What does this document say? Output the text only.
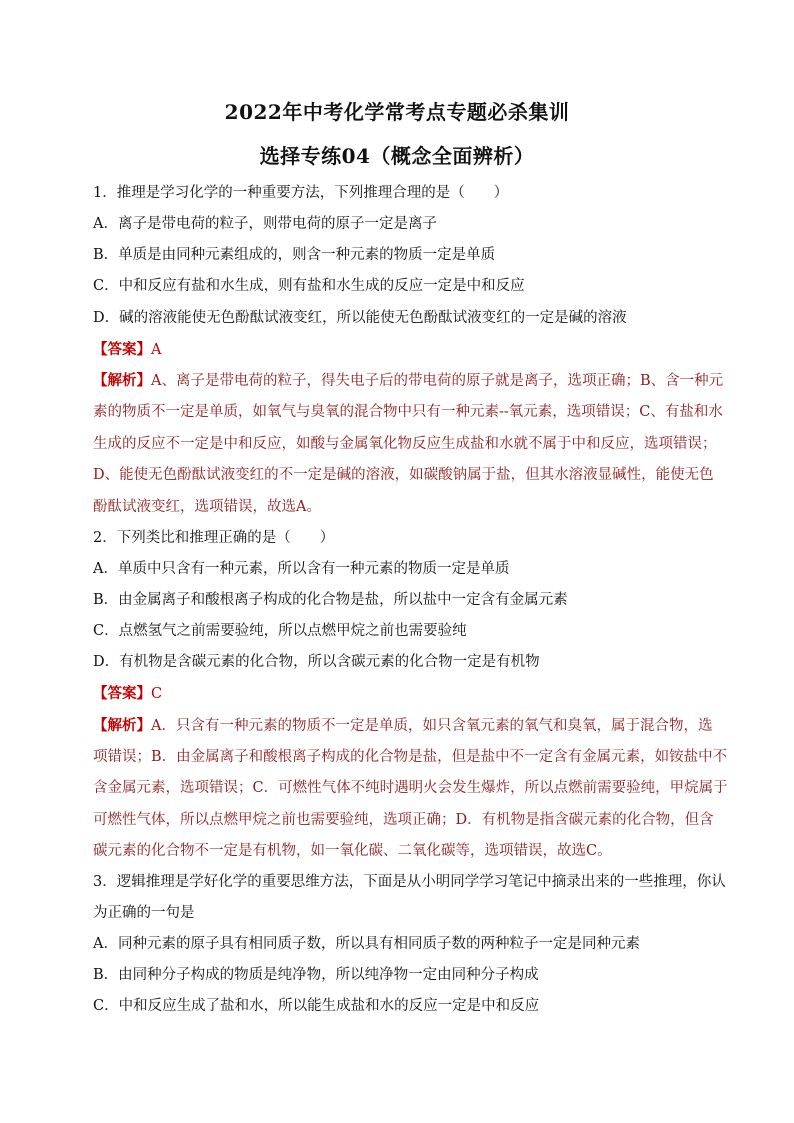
2022年中考化学常考点专题必杀集训
选择专练04（概念全面辨析）
1．推理是学习化学的一种重要方法，下列推理合理的是（　　）
A．离子是带电荷的粒子，则带电荷的原子一定是离子
B．单质是由同种元素组成的，则含一种元素的物质一定是单质
C．中和反应有盐和水生成，则有盐和水生成的反应一定是中和反应
D．碱的溶液能使无色酚酞试液变红，所以能使无色酚酞试液变红的一定是碱的溶液
【答案】A
【解析】A、离子是带电荷的粒子，得失电子后的带电荷的原子就是离子，选项正确；B、含一种元
素的物质不一定是单质，如氧气与臭氧的混合物中只有一种元素--氧元素，选项错误；C、有盐和水
生成的反应不一定是中和反应，如酸与金属氧化物反应生成盐和水就不属于中和反应，选项错误；
D、能使无色酚酞试液变红的不一定是碱的溶液，如碳酸钠属于盐，但其水溶液显碱性，能使无色
酚酞试液变红，选项错误，故选A。
2．下列类比和推理正确的是（　　）
A．单质中只含有一种元素，所以含有一种元素的物质一定是单质
B．由金属离子和酸根离子构成的化合物是盐，所以盐中一定含有金属元素
C．点燃氢气之前需要验纯，所以点燃甲烷之前也需要验纯
D．有机物是含碳元素的化合物，所以含碳元素的化合物一定是有机物
【答案】C
【解析】A．只含有一种元素的物质不一定是单质，如只含氧元素的氧气和臭氧，属于混合物，选
项错误；B．由金属离子和酸根离子构成的化合物是盐，但是盐中不一定含有金属元素，如铵盐中不
含金属元素，选项错误；C．可燃性气体不纯时遇明火会发生爆炸，所以点燃前需要验纯，甲烷属于
可燃性气体，所以点燃甲烷之前也需要验纯，选项正确；D．有机物是指含碳元素的化合物，但含
碳元素的化合物不一定是有机物，如一氧化碳、二氧化碳等，选项错误，故选C。
3．逻辑推理是学好化学的重要思维方法，下面是从小明同学学习笔记中摘录出来的一些推理，你认
为正确的一句是
A．同种元素的原子具有相同质子数，所以具有相同质子数的两种粒子一定是同种元素
B．由同种分子构成的物质是纯净物，所以纯净物一定由同种分子构成
C．中和反应生成了盐和水，所以能生成盐和水的反应一定是中和反应
